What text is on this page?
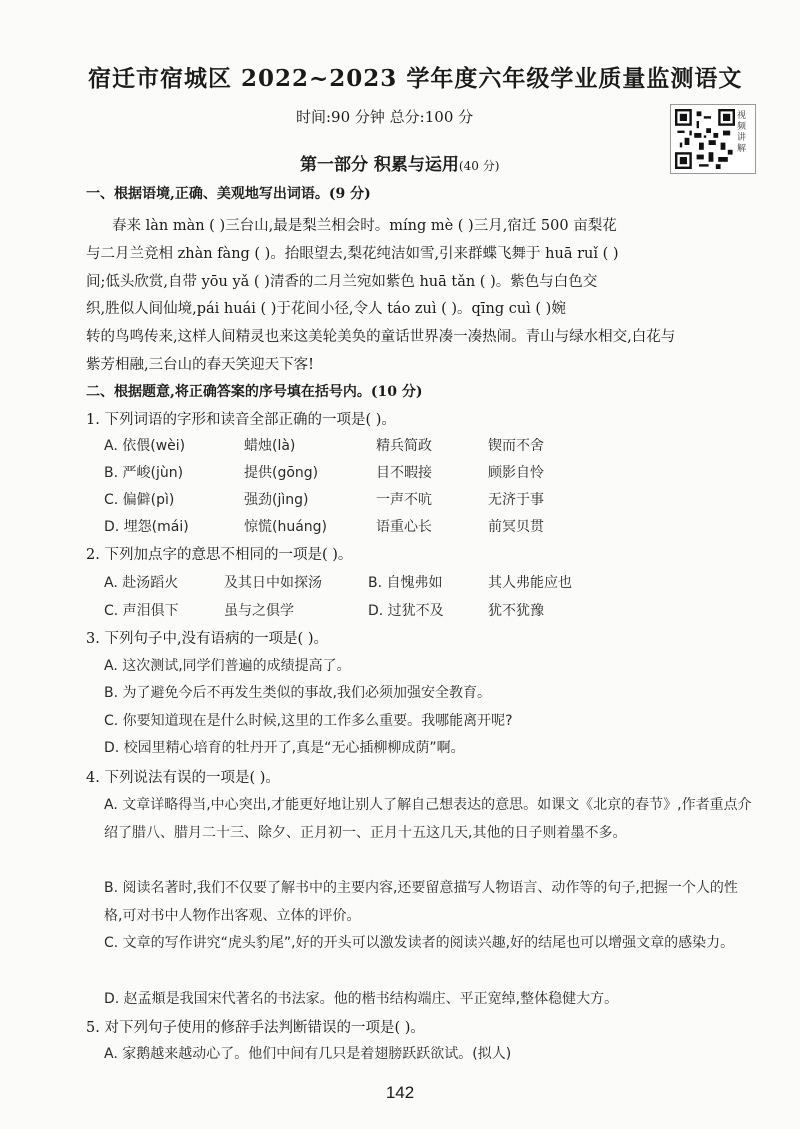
宿迁市宿城区 2022~2023 学年度六年级学业质量监测语文
时间:90 分钟 总分:100 分	视频讲解
第一部分 积累与运用(40 分)
一、根据语境,正确、美观地写出词语。(9 分)
春来 làn màn ( )三台山,最是梨兰相会时。míng mè ( )三月,宿迁 500 亩梨花
与二月兰竞相 zhàn fàng ( )。抬眼望去,梨花纯洁如雪,引来群蝶飞舞于 huā ruǐ ( )
间;低头欣赏,自带 yōu yǎ ( )清香的二月兰宛如紫色 huā tǎn ( )。紫色与白色交
织,胜似人间仙境,pái huái ( )于花间小径,令人 táo zuì ( )。qīng cuì ( )婉
转的鸟鸣传来,这样人间精灵也来这美轮美奂的童话世界凑一凑热闹。青山与绿水相交,白花与
紫芳相融,三台山的春天笑迎天下客!
二、根据题意,将正确答案的序号填在括号内。(10 分)
1. 下列词语的字形和读音全部正确的一项是( )。
A. 依偎(wèi)	蜡烛(là)	精兵简政	锲而不舍
B. 严峻(jùn)	提供(gōng)	目不暇接	顾影自怜
C. 偏僻(pì)	强劲(jìng)	一声不吭	无济于事
D. 埋怨(mái)	惊慌(huáng)	语重心长	前冥贝贯
2. 下列加点字的意思不相同的一项是( )。
A. 赴汤蹈火	及其日中如探汤	B. 自愧弗如	其人弗能应也
C. 声泪俱下	虽与之俱学	D. 过犹不及	犹不犹豫
3. 下列句子中,没有语病的一项是( )。
A. 这次测试,同学们普遍的成绩提高了。
B. 为了避免今后不再发生类似的事故,我们必须加强安全教育。
C. 你要知道现在是什么时候,这里的工作多么重要。我哪能离开呢?
D. 校园里精心培育的牡丹开了,真是“无心插柳柳成荫”啊。
4. 下列说法有误的一项是( )。
A. 文章详略得当,中心突出,才能更好地让别人了解自己想表达的意思。如课文《北京的春节》,作者重点介绍了腊八、腊月二十三、除夕、正月初一、正月十五这几天,其他的日子则着墨不多。
B. 阅读名著时,我们不仅要了解书中的主要内容,还要留意描写人物语言、动作等的句子,把握一个人的性格,可对书中人物作出客观、立体的评价。
C. 文章的写作讲究“虎头豹尾”,好的开头可以激发读者的阅读兴趣,好的结尾也可以增强文章的感染力。
D. 赵孟頫是我国宋代著名的书法家。他的楷书结构端庄、平正宽绰,整体稳健大方。
5. 对下列句子使用的修辞手法判断错误的一项是( )。
A. 家鹅越来越动心了。他们中间有几只是着翅膀跃跃欲试。(拟人)
142
